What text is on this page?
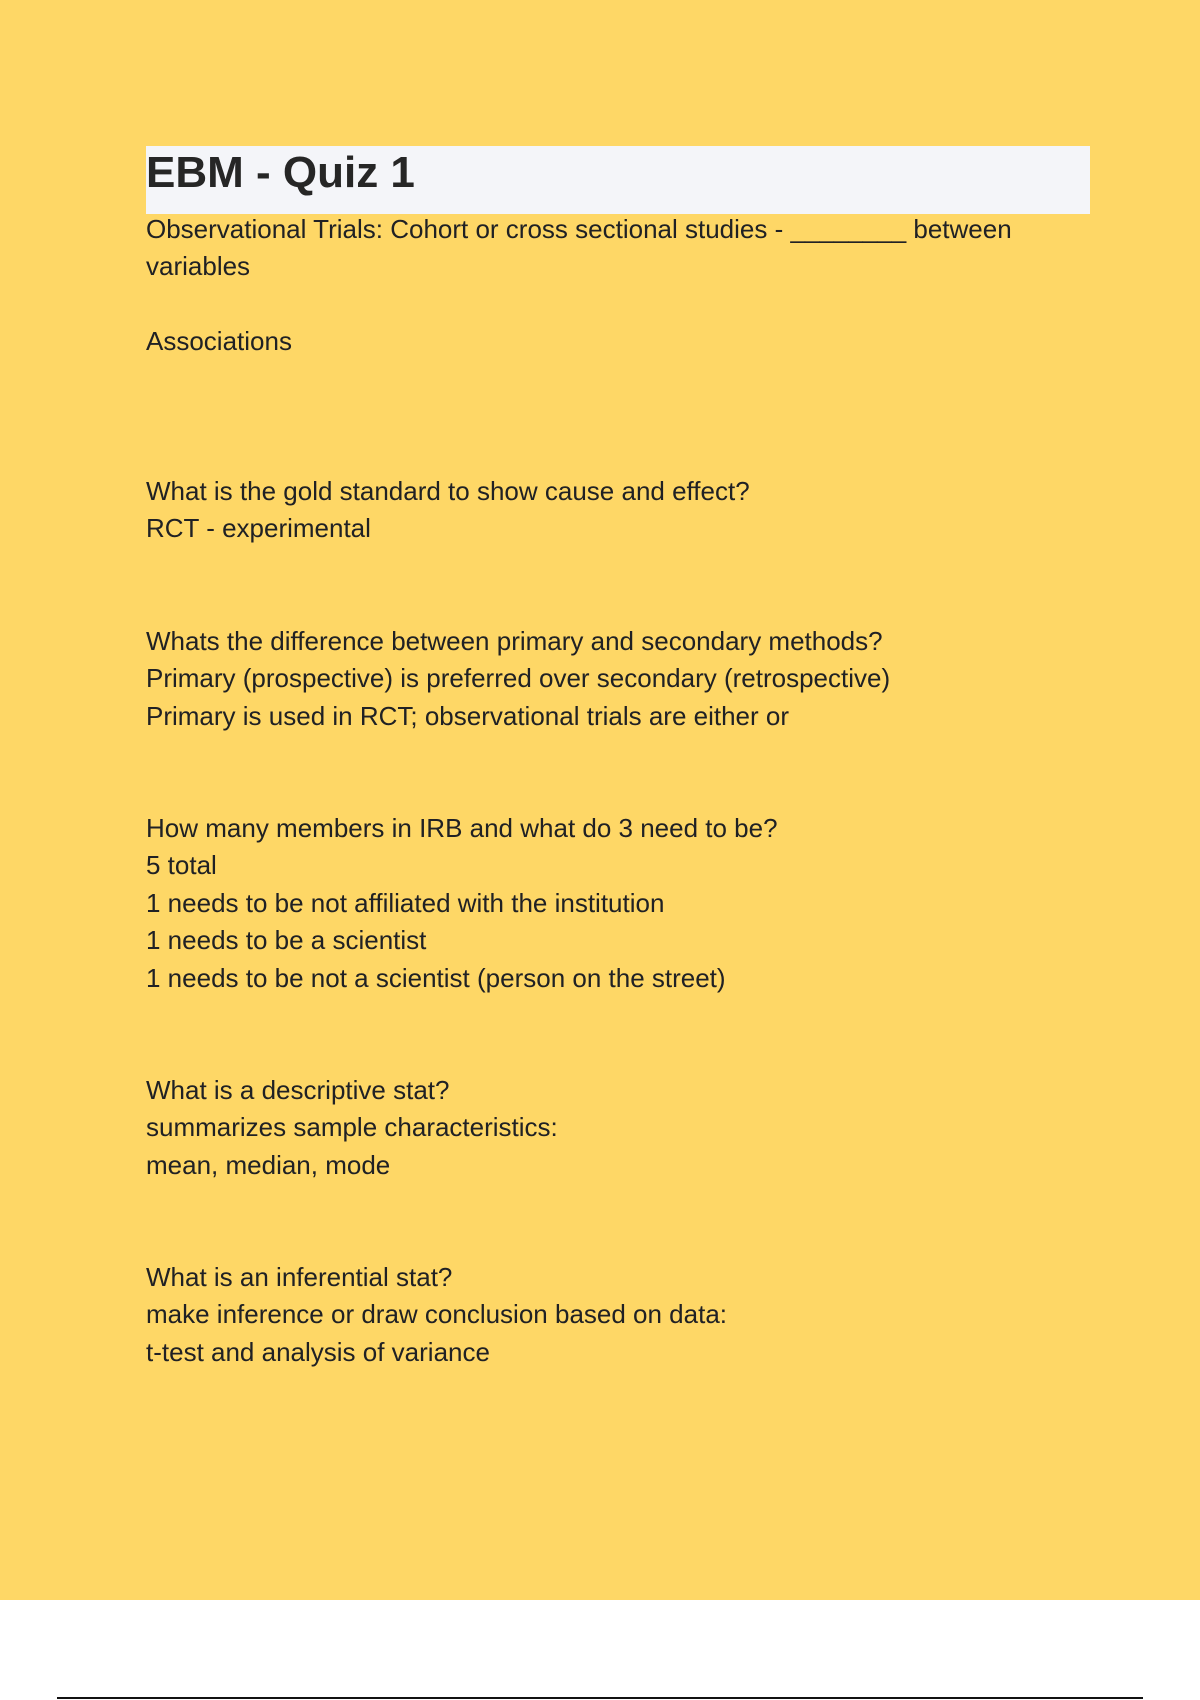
EBM - Quiz 1

Observational Trials: Cohort or cross sectional studies - ________ between

variables

Associations

What is the gold standard to show cause and effect?

RCT - experimental

Whats the difference between primary and secondary methods?

Primary (prospective) is preferred over secondary (retrospective)

Primary is used in RCT; observational trials are either or

How many members in IRB and what do 3 need to be?

5 total

1 needs to be not affiliated with the institution

1 needs to be a scientist

1 needs to be not a scientist (person on the street)

What is a descriptive stat?

summarizes sample characteristics:

mean, median, mode

What is an inferential stat?

make inference or draw conclusion based on data:

t-test and analysis of variance
